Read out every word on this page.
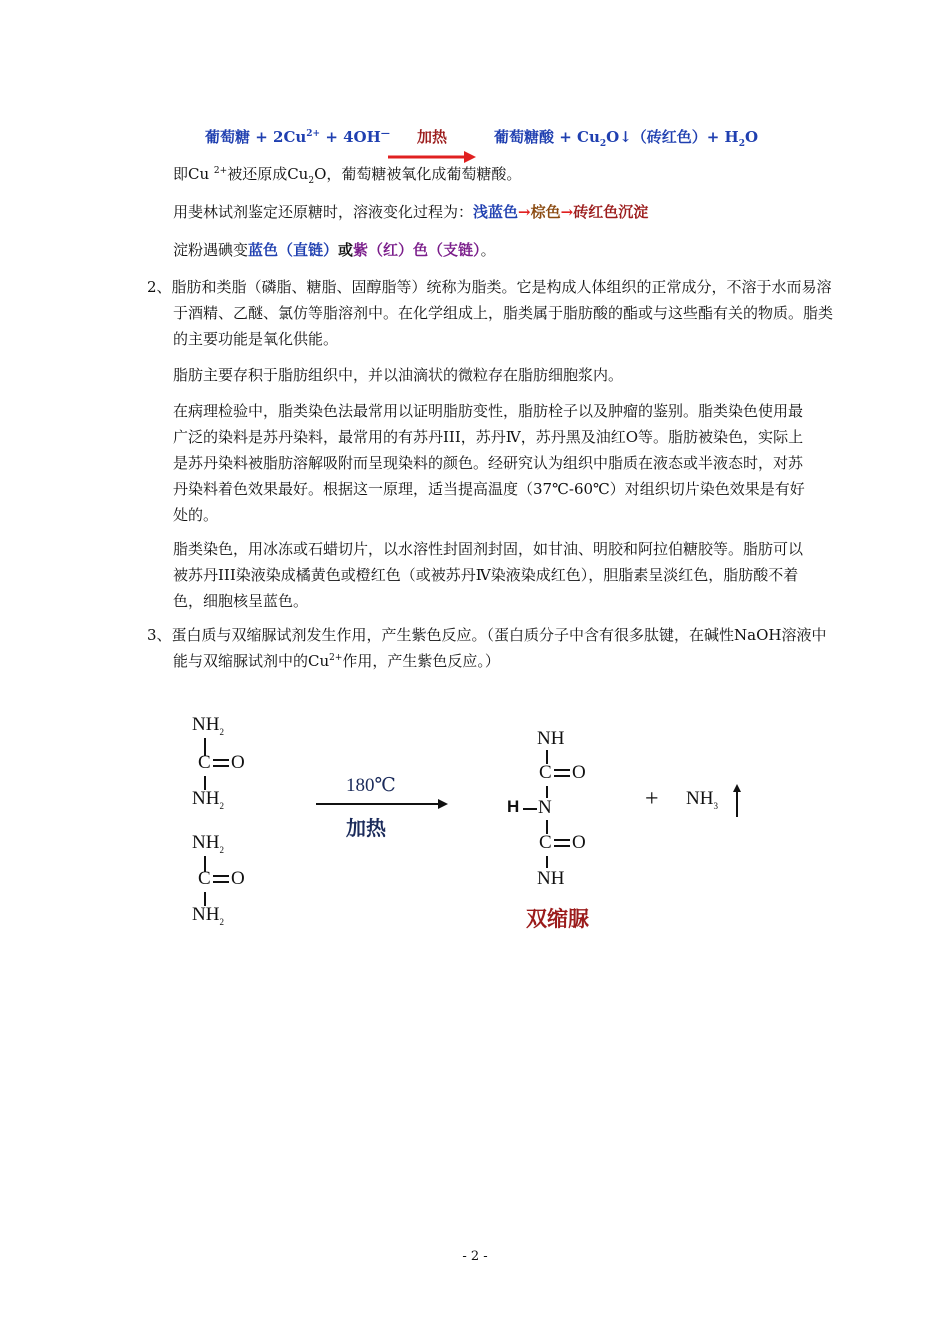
葡萄糖 + $2Cu^{2+} + 4OH^—$ 加热	葡萄糖酸 + $Cu_2O↓$（砖红色）+ $H_2O$
即Cu $^{2+}$被还原成$Cu_2O$，葡萄糖被氧化成葡萄糖酸。
用斐林试剂鉴定还原糖时，溶液变化过程为：浅蓝色→棕色→砖红色沉淀
淀粉遇碘变蓝色（直链）或紫（红）色（支链）。
2、脂肪和类脂（磷脂、糖脂、固醇脂等）统称为脂类。它是构成人体组织的正常成分，不溶于水而易溶于酒精、乙醚、氯仿等脂溶剂中。在化学组成上，脂类属于脂肪酸的酯或与这些酯有关的物质。脂类的主要功能是氧化供能。
脂肪主要存积于脂肪组织中，并以油滴状的微粒存在脂肪细胞浆内。
在病理检验中，脂类染色法最常用以证明脂肪变性，脂肪栓子以及肿瘤的鉴别。脂类染色使用最广泛的染料是苏丹染料，最常用的有苏丹III，苏丹Ⅳ，苏丹黑及油红O等。脂肪被染色，实际上是苏丹染料被脂肪溶解吸附而呈现染料的颜色。经研究认为组织中脂质在液态或半液态时，对苏丹染料着色效果最好。根据这一原理，适当提高温度（37℃-60℃）对组织切片染色效果是有好处的。
脂类染色，用冰冻或石蜡切片，以水溶性封固剂封固，如甘油、明胶和阿拉伯糖胶等。脂肪可以被苏丹III染液染成橘黄色或橙红色（或被苏丹Ⅳ染液染成红色），胆脂素呈淡红色，脂肪酸不着色，细胞核呈蓝色。
3、蛋白质与双缩脲试剂发生作用，产生紫色反应。（蛋白质分子中含有很多肽键，在碱性NaOH溶液中能与双缩脲试剂中的$Cu^{2+}$作用，产生紫色反应。）
$NH_2$
C O
$NH_2$
$NH_2$
C O
$NH_2$
180℃
加热
NH
C O
H N
C O
NH
双缩脲
+ $NH_3$
- 2 -
